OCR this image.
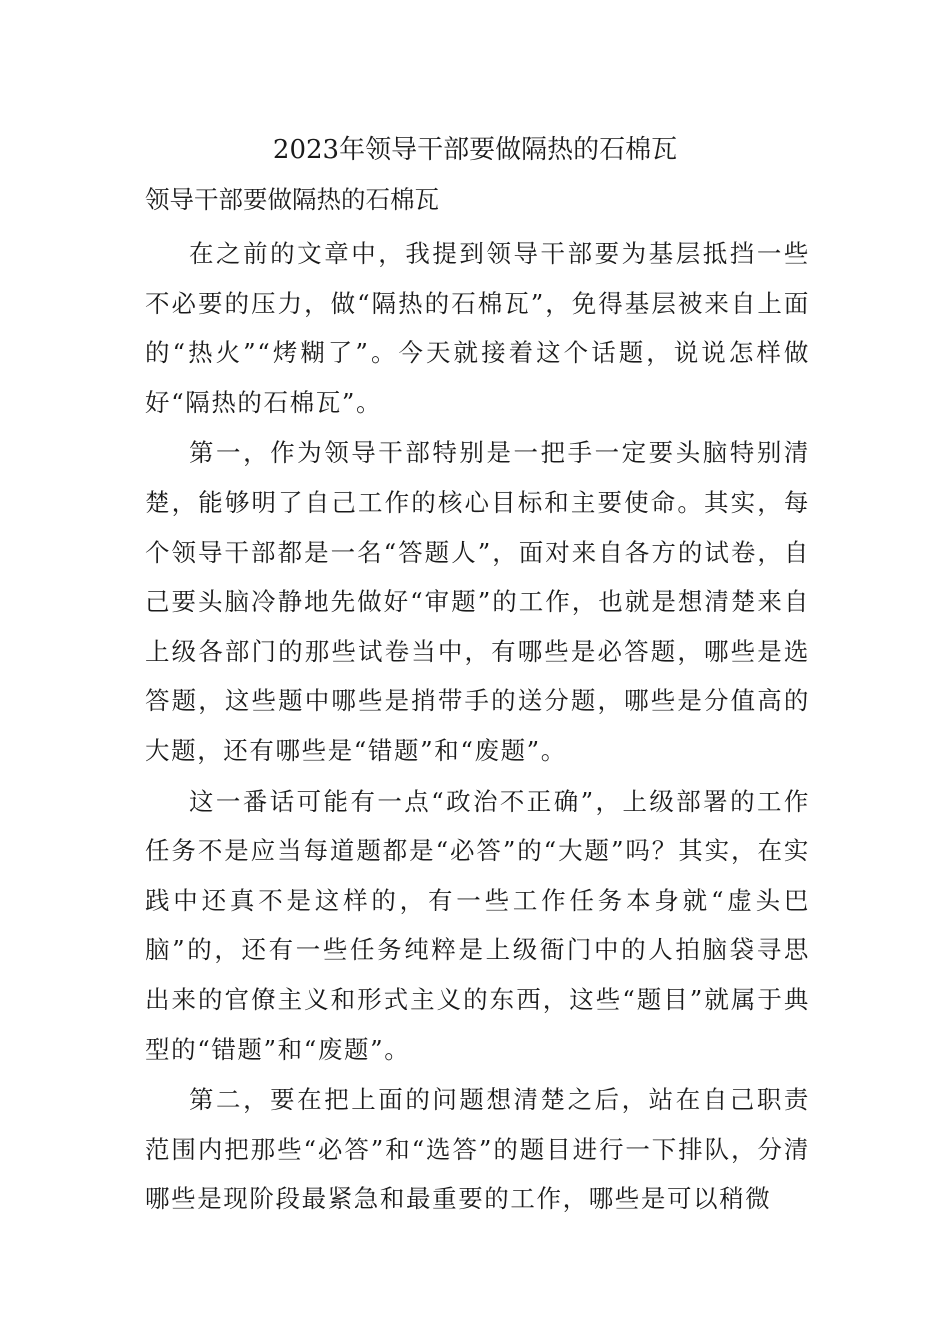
2023年领导干部要做隔热的石棉瓦

领导干部要做隔热的石棉瓦

在之前的文章中，我提到领导干部要为基层抵挡一些不必要的压力，做“隔热的石棉瓦”，免得基层被来自上面的“热火”“烤糊了”。今天就接着这个话题，说说怎样做好“隔热的石棉瓦”。

第一，作为领导干部特别是一把手一定要头脑特别清楚，能够明了自己工作的核心目标和主要使命。其实，每个领导干部都是一名“答题人”，面对来自各方的试卷，自己要头脑冷静地先做好“审题”的工作，也就是想清楚来自上级各部门的那些试卷当中，有哪些是必答题，哪些是选答题，这些题中哪些是捎带手的送分题，哪些是分值高的大题，还有哪些是“错题”和“废题”。

这一番话可能有一点“政治不正确”，上级部署的工作任务不是应当每道题都是“必答”的“大题”吗？其实，在实践中还真不是这样的，有一些工作任务本身就“虚头巴脑”的，还有一些任务纯粹是上级衙门中的人拍脑袋寻思出来的官僚主义和形式主义的东西，这些“题目”就属于典型的“错题”和“废题”。

第二，要在把上面的问题想清楚之后，站在自己职责范围内把那些“必答”和“选答”的题目进行一下排队，分清哪些是现阶段最紧急和最重要的工作，哪些是可以稍微
